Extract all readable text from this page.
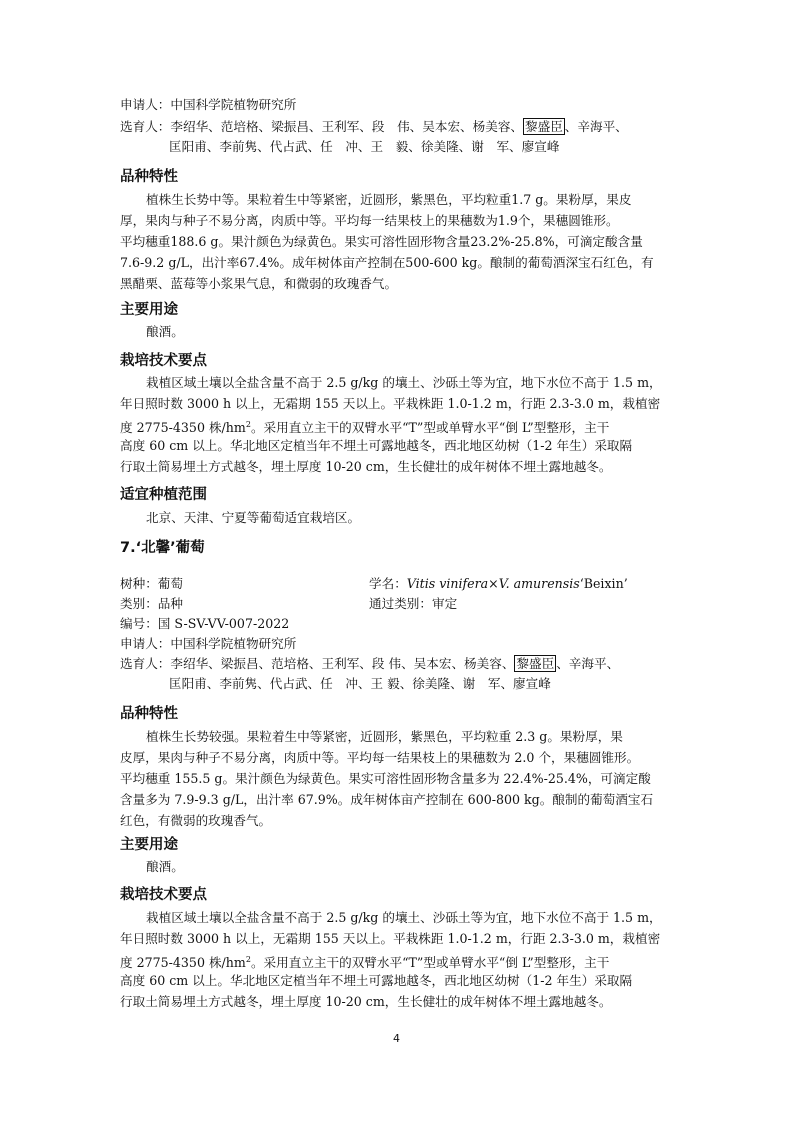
申请人：中国科学院植物研究所
选育人：李绍华、范培格、梁振昌、王利军、段　伟、吴本宏、杨美容、 黎盛臣 、辛海平、
匡阳甫、李前隽、代占武、任　冲、王　毅、徐美隆、谢　军、廖宣峰
品种特性
植株生长势中等。果粒着生中等紧密，近圆形，紫黑色，平均粒重1.7 g。果粉厚，果皮
厚，果肉与种子不易分离，肉质中等。平均每一结果枝上的果穗数为1.9个，果穗圆锥形。
平均穗重188.6 g。果汁颜色为绿黄色。果实可溶性固形物含量23.2%-25.8%，可滴定酸含量
7.6-9.2 g/L，出汁率67.4%。成年树体亩产控制在500-600 kg。酿制的葡萄酒深宝石红色，有
黑醋栗、蓝莓等小浆果气息，和微弱的玫瑰香气。
主要用途
酿酒。
栽培技术要点
栽植区域土壤以全盐含量不高于 2.5 g/kg 的壤土、沙砾土等为宜，地下水位不高于 1.5 m，
年日照时数 3000 h 以上，无霜期 155 天以上。平栽株距 1.0-1.2 m，行距 2.3-3.0 m，栽植密
度 2775-4350 株$/hm^2$。采用直立主干的双臂水平“T”型或单臂水平“倒 L”型整形，主干
高度 60 cm 以上。华北地区定植当年不埋土可露地越冬，西北地区幼树（1-2 年生）采取隔
行取土简易埋土方式越冬，埋土厚度 10-20 cm，生长健壮的成年树体不埋土露地越冬。
适宜种植范围
北京、天津、宁夏等葡萄适宜栽培区。
7.‘北馨’葡萄
树种：葡萄	学名：Vitis vinifera×V. amurensis‘Beixin’
类别：品种	通过类别：审定
编号：国 S-SV-VV-007-2022
申请人：中国科学院植物研究所
选育人：李绍华、梁振昌、范培格、王利军、段 伟、吴本宏、杨美容、 黎盛臣 、辛海平、
匡阳甫、李前隽、代占武、任　冲、王 毅、徐美隆、谢　军、廖宣峰
品种特性
植株生长势较强。果粒着生中等紧密，近圆形，紫黑色，平均粒重 2.3 g。果粉厚，果
皮厚，果肉与种子不易分离，肉质中等。平均每一结果枝上的果穗数为 2.0 个，果穗圆锥形。
平均穗重 155.5 g。果汁颜色为绿黄色。果实可溶性固形物含量多为 22.4%-25.4%，可滴定酸
含量多为 7.9-9.3 g/L，出汁率 67.9%。成年树体亩产控制在 600-800 kg。酿制的葡萄酒宝石
红色，有微弱的玫瑰香气。
主要用途
酿酒。
栽培技术要点
栽植区域土壤以全盐含量不高于 2.5 g/kg 的壤土、沙砾土等为宜，地下水位不高于 1.5 m，
年日照时数 3000 h 以上，无霜期 155 天以上。平栽株距 1.0-1.2 m，行距 2.3-3.0 m，栽植密
度 2775-4350 株$/hm^2$。采用直立主干的双臂水平“T”型或单臂水平“倒 L”型整形，主干
高度 60 cm 以上。华北地区定植当年不埋土可露地越冬，西北地区幼树（1-2 年生）采取隔
行取土简易埋土方式越冬，埋土厚度 10-20 cm，生长健壮的成年树体不埋土露地越冬。
4
